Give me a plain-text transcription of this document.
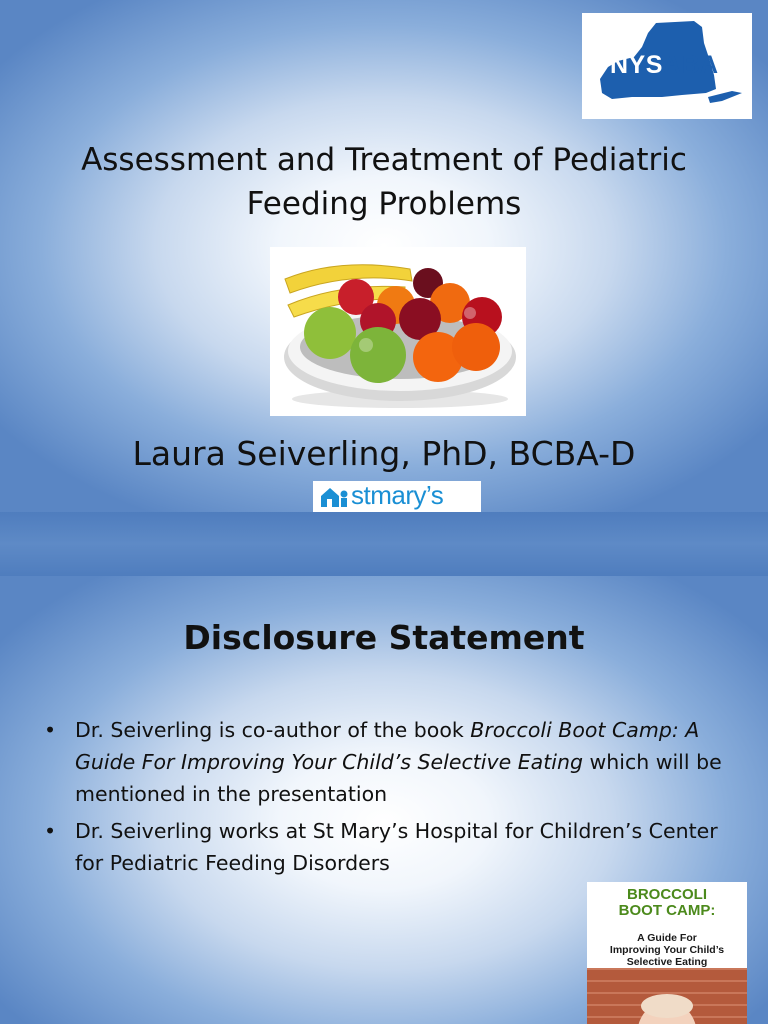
NYSABA
Assessment and Treatment of Pediatric
Feeding Problems
Laura Seiverling, PhD, BCBA-D
stmary’s
Disclosure Statement
• Dr. Seiverling is co-author of the book Broccoli Boot Camp: A Guide For Improving Your Child’s Selective Eating which will be mentioned in the presentation
• Dr. Seiverling works at St Mary’s Hospital for Children’s Center for Pediatric Feeding Disorders
BROCCOLI
BOOT CAMP:
A Guide For
Improving Your Child’s
Selective Eating
